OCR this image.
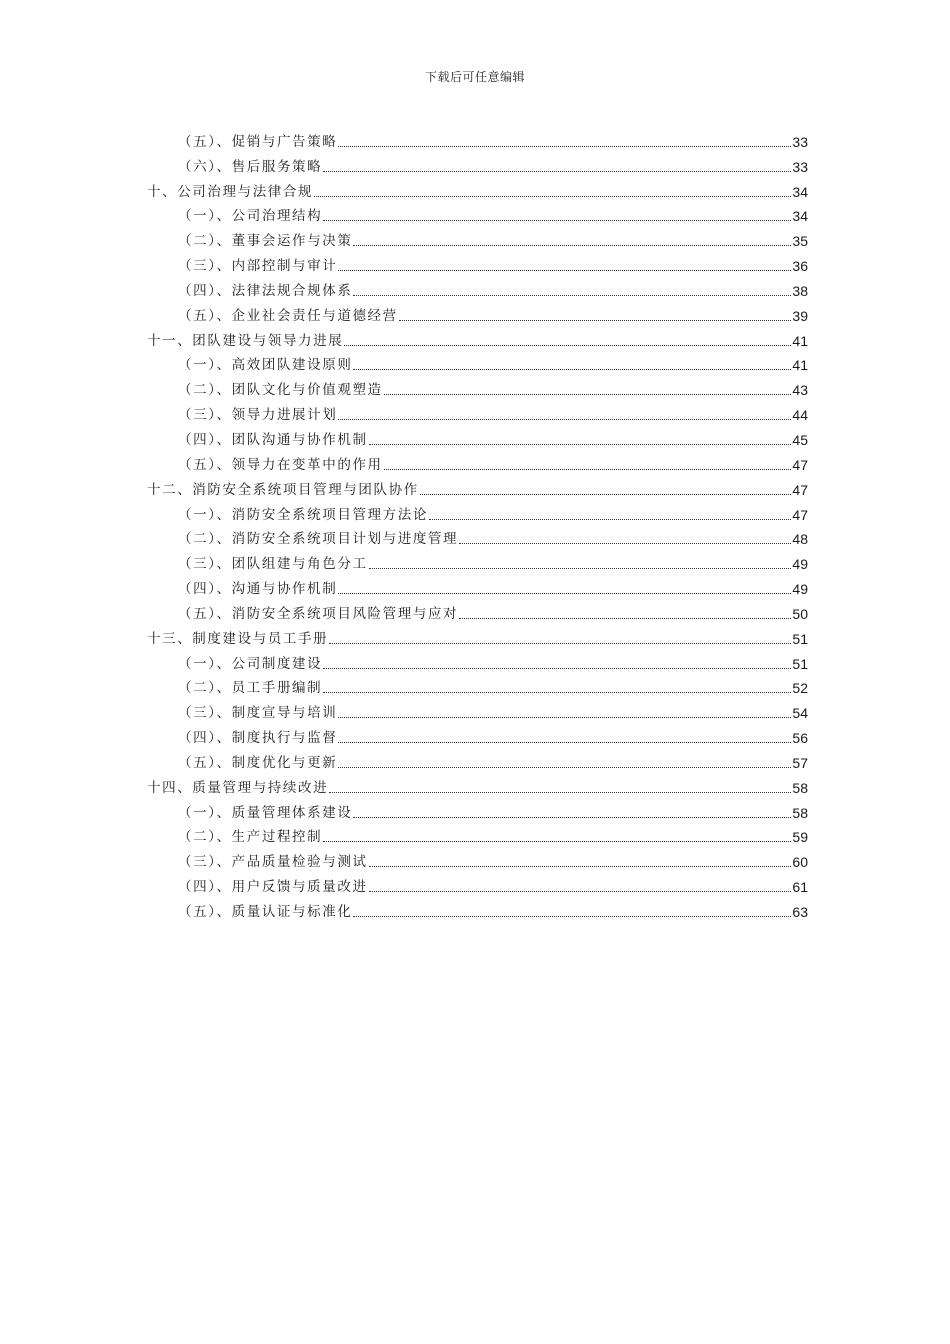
下载后可任意编辑
（五）、促销与广告策略	33
（六）、售后服务策略	33
十、公司治理与法律合规	34
（一）、公司治理结构	34
（二）、董事会运作与决策	35
（三）、内部控制与审计	36
（四）、法律法规合规体系	38
（五）、企业社会责任与道德经营	39
十一、团队建设与领导力进展	41
（一）、高效团队建设原则	41
（二）、团队文化与价值观塑造	43
（三）、领导力进展计划	44
（四）、团队沟通与协作机制	45
（五）、领导力在变革中的作用	47
十二、消防安全系统项目管理与团队协作	47
（一）、消防安全系统项目管理方法论	47
（二）、消防安全系统项目计划与进度管理	48
（三）、团队组建与角色分工	49
（四）、沟通与协作机制	49
（五）、消防安全系统项目风险管理与应对	50
十三、制度建设与员工手册	51
（一）、公司制度建设	51
（二）、员工手册编制	52
（三）、制度宣导与培训	54
（四）、制度执行与监督	56
（五）、制度优化与更新	57
十四、质量管理与持续改进	58
（一）、质量管理体系建设	58
（二）、生产过程控制	59
（三）、产品质量检验与测试	60
（四）、用户反馈与质量改进	61
（五）、质量认证与标准化	63
